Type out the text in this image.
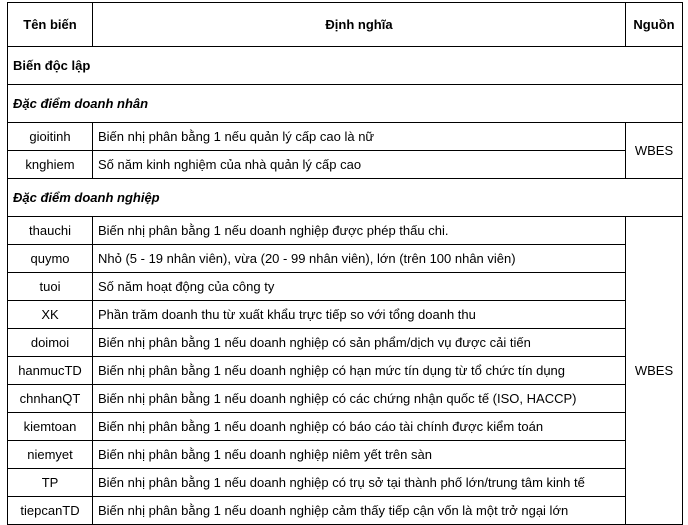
Tên biến	Định nghĩa	Nguồn
Biến độc lập		
Đặc điểm doanh nhân		
gioitinh	Biến nhị phân bằng 1 nếu quản lý cấp cao là nữ	WBES
knghiem	Số năm kinh nghiệm của nhà quản lý cấp cao	
Đặc điểm doanh nghiệp		
thauchi	Biến nhị phân bằng 1 nếu doanh nghiệp được phép thấu chi.	WBES
quymo	Nhỏ (5 - 19 nhân viên), vừa (20 - 99 nhân viên), lớn (trên 100 nhân viên)	
tuoi	Số năm hoạt động của công ty	
XK	Phần trăm doanh thu từ xuất khẩu trực tiếp so với tổng doanh thu	
doimoi	Biến nhị phân bằng 1 nếu doanh nghiệp có sản phẩm/dịch vụ được cải tiến	
hanmucTD	Biến nhị phân bằng 1 nếu doanh nghiệp có hạn mức tín dụng từ tổ chức tín dụng	
chnhanQT	Biến nhị phân bằng 1 nếu doanh nghiệp có các chứng nhận quốc tế (ISO, HACCP)	
kiemtoan	Biến nhị phân bằng 1 nếu doanh nghiệp có báo cáo tài chính được kiểm toán	
niemyet	Biến nhị phân bằng 1 nếu doanh nghiệp niêm yết trên sàn	
TP	Biến nhị phân bằng 1 nếu doanh nghiệp có trụ sở tại thành phố lớn/trung tâm kinh tế	
tiepcanTD	Biến nhị phân bằng 1 nếu doanh nghiệp cảm thấy tiếp cận vốn là một trở ngại lớn	
